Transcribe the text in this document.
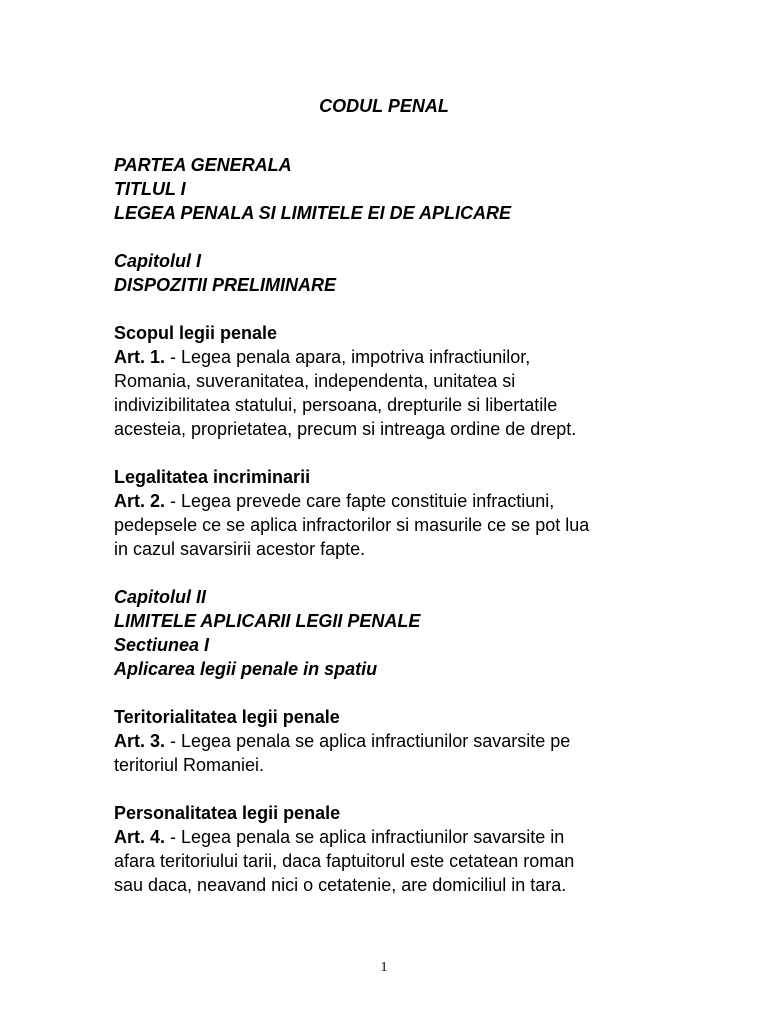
CODUL PENAL
PARTEA GENERALA
TITLUL I
LEGEA PENALA SI LIMITELE EI DE APLICARE
Capitolul I
DISPOZITII PRELIMINARE
Scopul legii penale
Art. 1. - Legea penala apara, impotriva infractiunilor,
Romania, suveranitatea, independenta, unitatea si
indivizibilitatea statului, persoana, drepturile si libertatile
acesteia, proprietatea, precum si intreaga ordine de drept.
Legalitatea incriminarii
Art. 2. - Legea prevede care fapte constituie infractiuni,
pedepsele ce se aplica infractorilor si masurile ce se pot lua
in cazul savarsirii acestor fapte.
Capitolul II
LIMITELE APLICARII LEGII PENALE
Sectiunea I
Aplicarea legii penale in spatiu
Teritorialitatea legii penale
Art. 3. - Legea penala se aplica infractiunilor savarsite pe
teritoriul Romaniei.
Personalitatea legii penale
Art. 4. - Legea penala se aplica infractiunilor savarsite in
afara teritoriului tarii, daca faptuitorul este cetatean roman
sau daca, neavand nici o cetatenie, are domiciliul in tara.
1
